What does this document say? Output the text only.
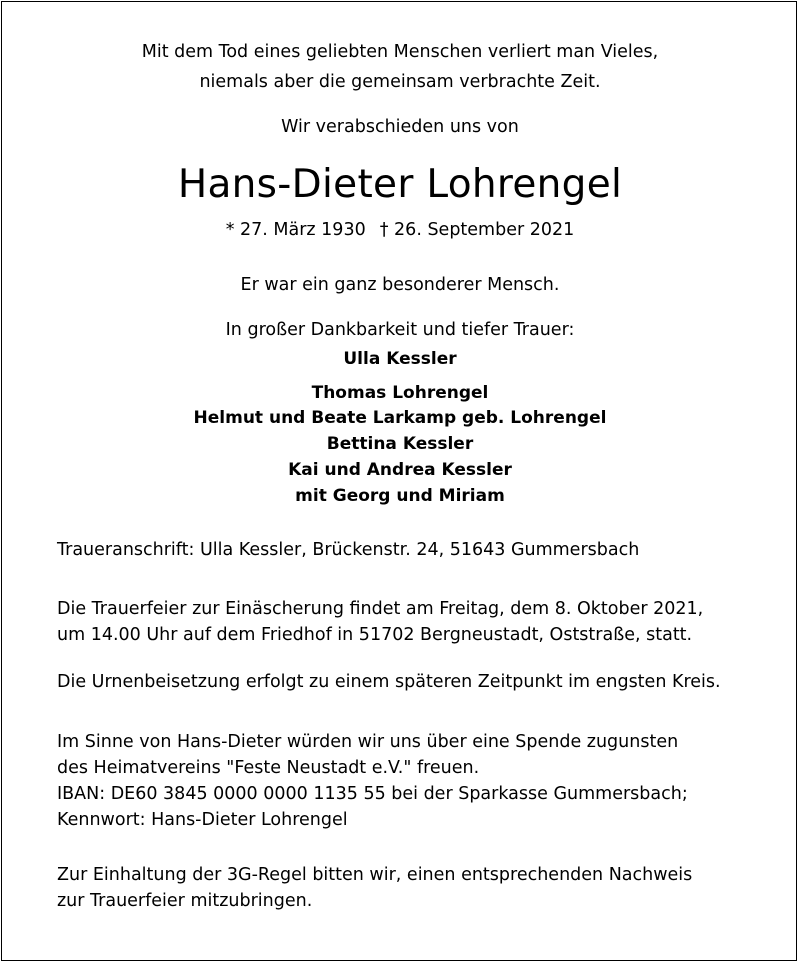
Mit dem Tod eines geliebten Menschen verliert man Vieles,
niemals aber die gemeinsam verbrachte Zeit.
Wir verabschieden uns von
Hans-Dieter Lohrengel
* 27. März 1930 † 26. September 2021
Er war ein ganz besonderer Mensch.
In großer Dankbarkeit und tiefer Trauer:
Ulla Kessler
Thomas Lohrengel
Helmut und Beate Larkamp geb. Lohrengel
Bettina Kessler
Kai und Andrea Kessler
mit Georg und Miriam
Traueranschrift: Ulla Kessler, Brückenstr. 24, 51643 Gummersbach
Die Trauerfeier zur Einäscherung findet am Freitag, dem 8. Oktober 2021,
um 14.00 Uhr auf dem Friedhof in 51702 Bergneustadt, Oststraße, statt.
Die Urnenbeisetzung erfolgt zu einem späteren Zeitpunkt im engsten Kreis.
Im Sinne von Hans-Dieter würden wir uns über eine Spende zugunsten
des Heimatvereins "Feste Neustadt e.V." freuen.
IBAN: DE60 3845 0000 0000 1135 55 bei der Sparkasse Gummersbach;
Kennwort: Hans-Dieter Lohrengel
Zur Einhaltung der 3G-Regel bitten wir, einen entsprechenden Nachweis
zur Trauerfeier mitzubringen.
